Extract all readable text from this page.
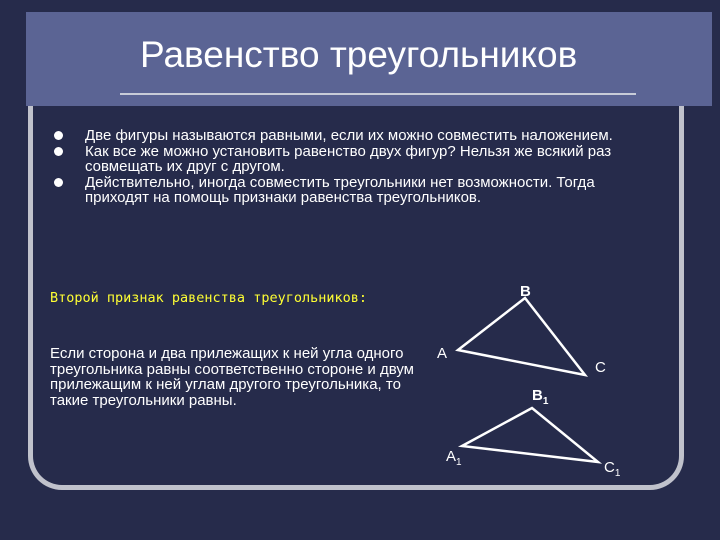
Равенство треугольников
Две фигуры называются равными, если их можно совместить наложением.
Как все же можно установить равенство двух фигур? Нельзя же всякий раз совмещать их друг с другом.
Действительно, иногда совместить треугольники нет возможности. Тогда приходят на помощь признаки равенства треугольников.
Второй признак равенства треугольников:
Если сторона и два прилежащих к ней угла одного треугольника равны соответственно стороне и двум прилежащим к ней углам другого треугольника, то такие треугольники равны.
B
A
C
$B_1$
$A_1$	$C_1$
